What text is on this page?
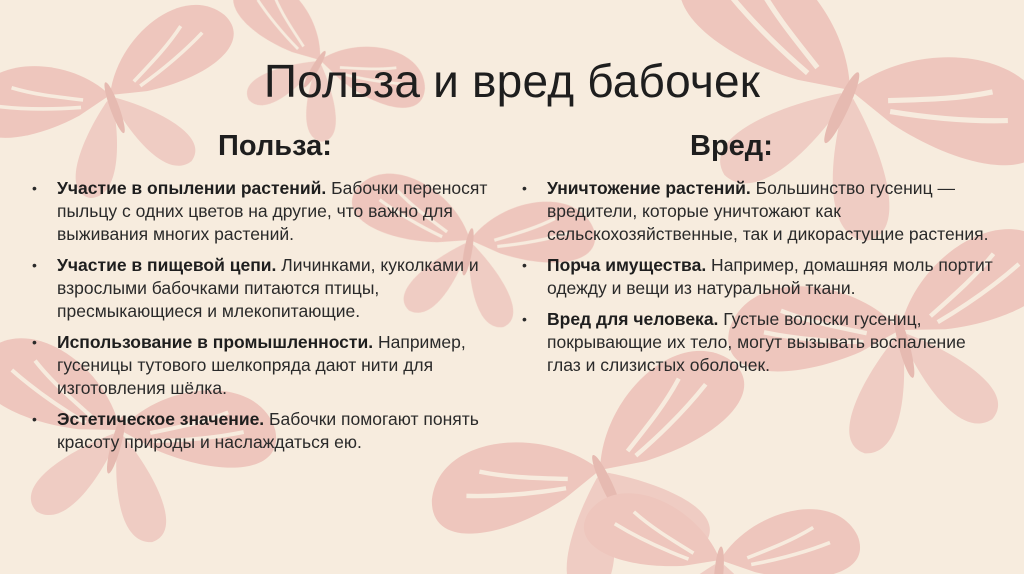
Польза и вред бабочек
Польза:
• Участие в опылении растений. Бабочки переносят пыльцу с одних цветов на другие, что важно для выживания многих растений.
• Участие в пищевой цепи. Личинками, куколками и взрослыми бабочками питаются птицы, пресмыкающиеся и млекопитающие.
• Использование в промышленности. Например, гусеницы тутового шелкопряда дают нити для изготовления шёлка.
• Эстетическое значение. Бабочки помогают понять красоту природы и наслаждаться ею.
Вред:
• Уничтожение растений. Большинство гусениц — вредители, которые уничтожают как сельскохозяйственные, так и дикорастущие растения.
• Порча имущества. Например, домашняя моль портит одежду и вещи из натуральной ткани.
• Вред для человека. Густые волоски гусениц, покрывающие их тело, могут вызывать воспаление глаз и слизистых оболочек.
